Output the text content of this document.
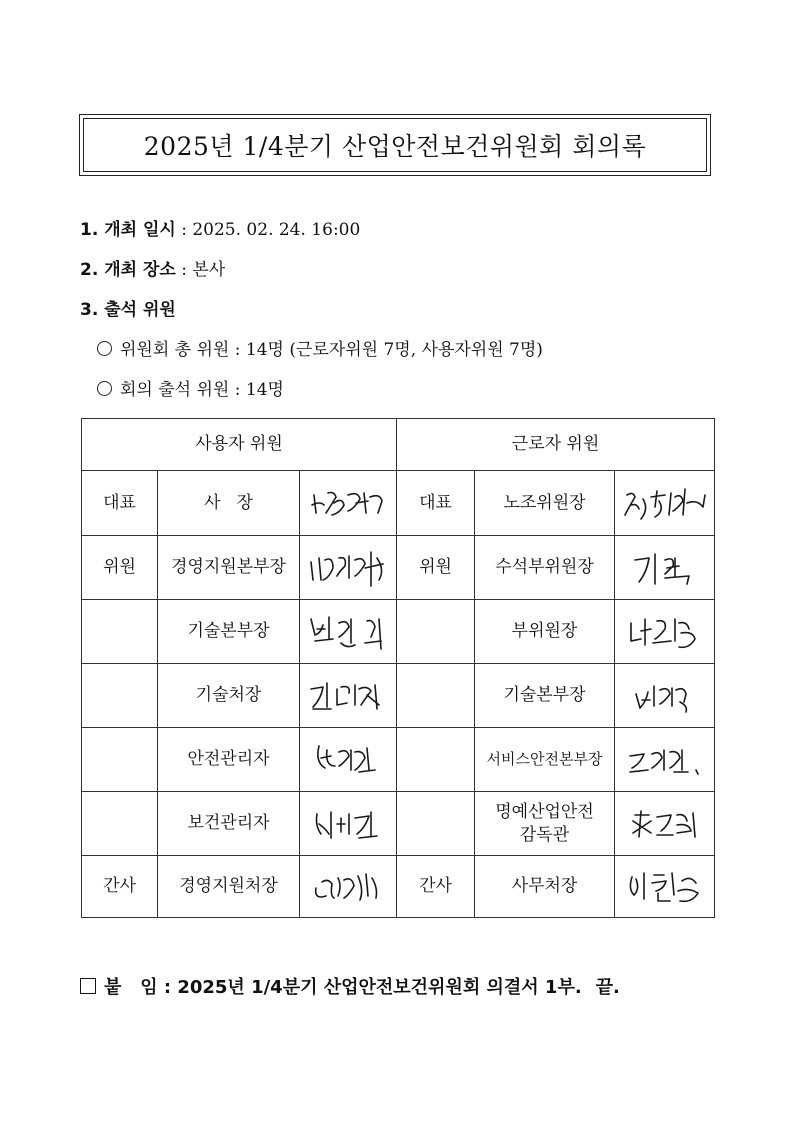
2025년 1/4분기 산업안전보건위원회 회의록
1. 개최 일시 : 2025. 02. 24. 16:00
2. 개최 장소 : 본사
3. 출석 위원
위원회 총 위원 : 14명 (근로자위원 7명, 사용자위원 7명)
회의 출석 위원 : 14명
사용자 위원			근로자 위원		
대표	사   장		대표	노조위원장	

위원	경영지원본부장		위원	수석부위원장	

	기술본부장			부위원장	

	기술처장			기술본부장	

	안전관리자			서비스안전본부장	

	보건관리자			명예산업안전
감독관

간사	경영지원처장		간사	사무처장	
붙   임 : 2025년 1/4분기 산업안전보건위원회 의결서 1부. 끝.
